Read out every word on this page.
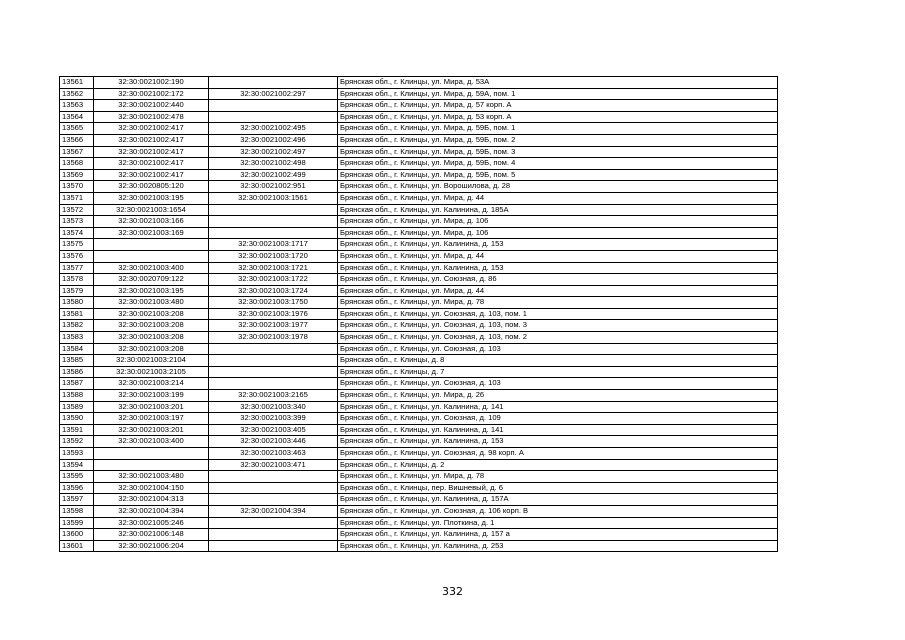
13561	32:30:0021002:190		Брянская обл., г. Клинцы, ул. Мира, д. 53А
13562	32:30:0021002:172	32:30:0021002:297	Брянская обл., г. Клинцы, ул. Мира, д. 59А, пом. 1
13563	32:30:0021002:440		Брянская обл., г. Клинцы, ул. Мира, д. 57 корп. А
13564	32:30:0021002:478		Брянская обл., г. Клинцы, ул. Мира, д. 53 корп. А
13565	32:30:0021002:417	32:30:0021002:495	Брянская обл., г. Клинцы, ул. Мира, д. 59Б, пом. 1
13566	32:30:0021002:417	32:30:0021002:496	Брянская обл., г. Клинцы, ул. Мира, д. 59Б, пом. 2
13567	32:30:0021002:417	32:30:0021002:497	Брянская обл., г. Клинцы, ул. Мира, д. 59Б, пом. 3
13568	32:30:0021002:417	32:30:0021002:498	Брянская обл., г. Клинцы, ул. Мира, д. 59Б, пом. 4
13569	32:30:0021002:417	32:30:0021002:499	Брянская обл., г. Клинцы, ул. Мира, д. 59Б, пом. 5
13570	32:30:0020805:120	32:30:0021002:951	Брянская обл., г. Клинцы, ул. Ворошилова, д. 28
13571	32:30:0021003:195	32:30:0021003:1561	Брянская обл., г. Клинцы, ул. Мира, д. 44
13572	32:30:0021003:1654		Брянская обл., г. Клинцы, ул. Калинина, д. 185А
13573	32:30:0021003:166		Брянская обл., г. Клинцы, ул. Мира, д. 106
13574	32:30:0021003:169		Брянская обл., г. Клинцы, ул. Мира, д. 106
13575		32:30:0021003:1717	Брянская обл., г. Клинцы, ул. Калинина, д. 153
13576		32:30:0021003:1720	Брянская обл., г. Клинцы, ул. Мира, д. 44
13577	32:30:0021003:400	32:30:0021003:1721	Брянская обл., г. Клинцы, ул. Калинина, д. 153
13578	32:30:0020709:122	32:30:0021003:1722	Брянская обл., г. Клинцы, ул. Союзная, д. 86
13579	32:30:0021003:195	32:30:0021003:1724	Брянская обл., г. Клинцы, ул. Мира, д. 44
13580	32:30:0021003:480	32:30:0021003:1750	Брянская обл., г. Клинцы, ул. Мира, д. 78
13581	32:30:0021003:208	32:30:0021003:1976	Брянская обл., г. Клинцы, ул. Союзная, д. 103, пом. 1
13582	32:30:0021003:208	32:30:0021003:1977	Брянская обл., г. Клинцы, ул. Союзная, д. 103, пом. 3
13583	32:30:0021003:208	32:30:0021003:1978	Брянская обл., г. Клинцы, ул. Союзная, д. 103, пом. 2
13584	32:30:0021003:208		Брянская обл., г. Клинцы, ул. Союзная, д. 103
13585	32:30:0021003:2104		Брянская обл., г. Клинцы, д. 8
13586	32:30:0021003:2105		Брянская обл., г. Клинцы, д. 7
13587	32:30:0021003:214		Брянская обл., г. Клинцы, ул. Союзная, д. 103
13588	32:30:0021003:199	32:30:0021003:2165	Брянская обл., г. Клинцы, ул. Мира, д. 26
13589	32:30:0021003:201	32:30:0021003:340	Брянская обл., г. Клинцы, ул. Калинина, д. 141
13590	32:30:0021003:197	32:30:0021003:399	Брянская обл., г. Клинцы, ул. Союзная, д. 109
13591	32:30:0021003:201	32:30:0021003:405	Брянская обл., г. Клинцы, ул. Калинина, д. 141
13592	32:30:0021003:400	32:30:0021003:446	Брянская обл., г. Клинцы, ул. Калинина, д. 153
13593		32:30:0021003:463	Брянская обл., г. Клинцы, ул. Союзная, д. 98 корп. А
13594		32:30:0021003:471	Брянская обл., г. Клинцы, д. 2
13595	32:30:0021003:480		Брянская обл., г. Клинцы, ул. Мира, д. 78
13596	32:30:0021004:150		Брянская обл., г. Клинцы, пер. Вишневый, д. 6
13597	32:30:0021004:313		Брянская обл., г. Клинцы, ул. Калинина, д. 157А
13598	32:30:0021004:394	32:30:0021004:394	Брянская обл., г. Клинцы, ул. Союзная, д. 106 корп. В
13599	32:30:0021005:246		Брянская обл., г. Клинцы, ул. Плоткина, д. 1
13600	32:30:0021006:148		Брянская обл., г. Клинцы, ул. Калинина, д. 157 а
13601	32:30:0021006:204		Брянская обл., г. Клинцы, ул. Калинина, д. 253
332
